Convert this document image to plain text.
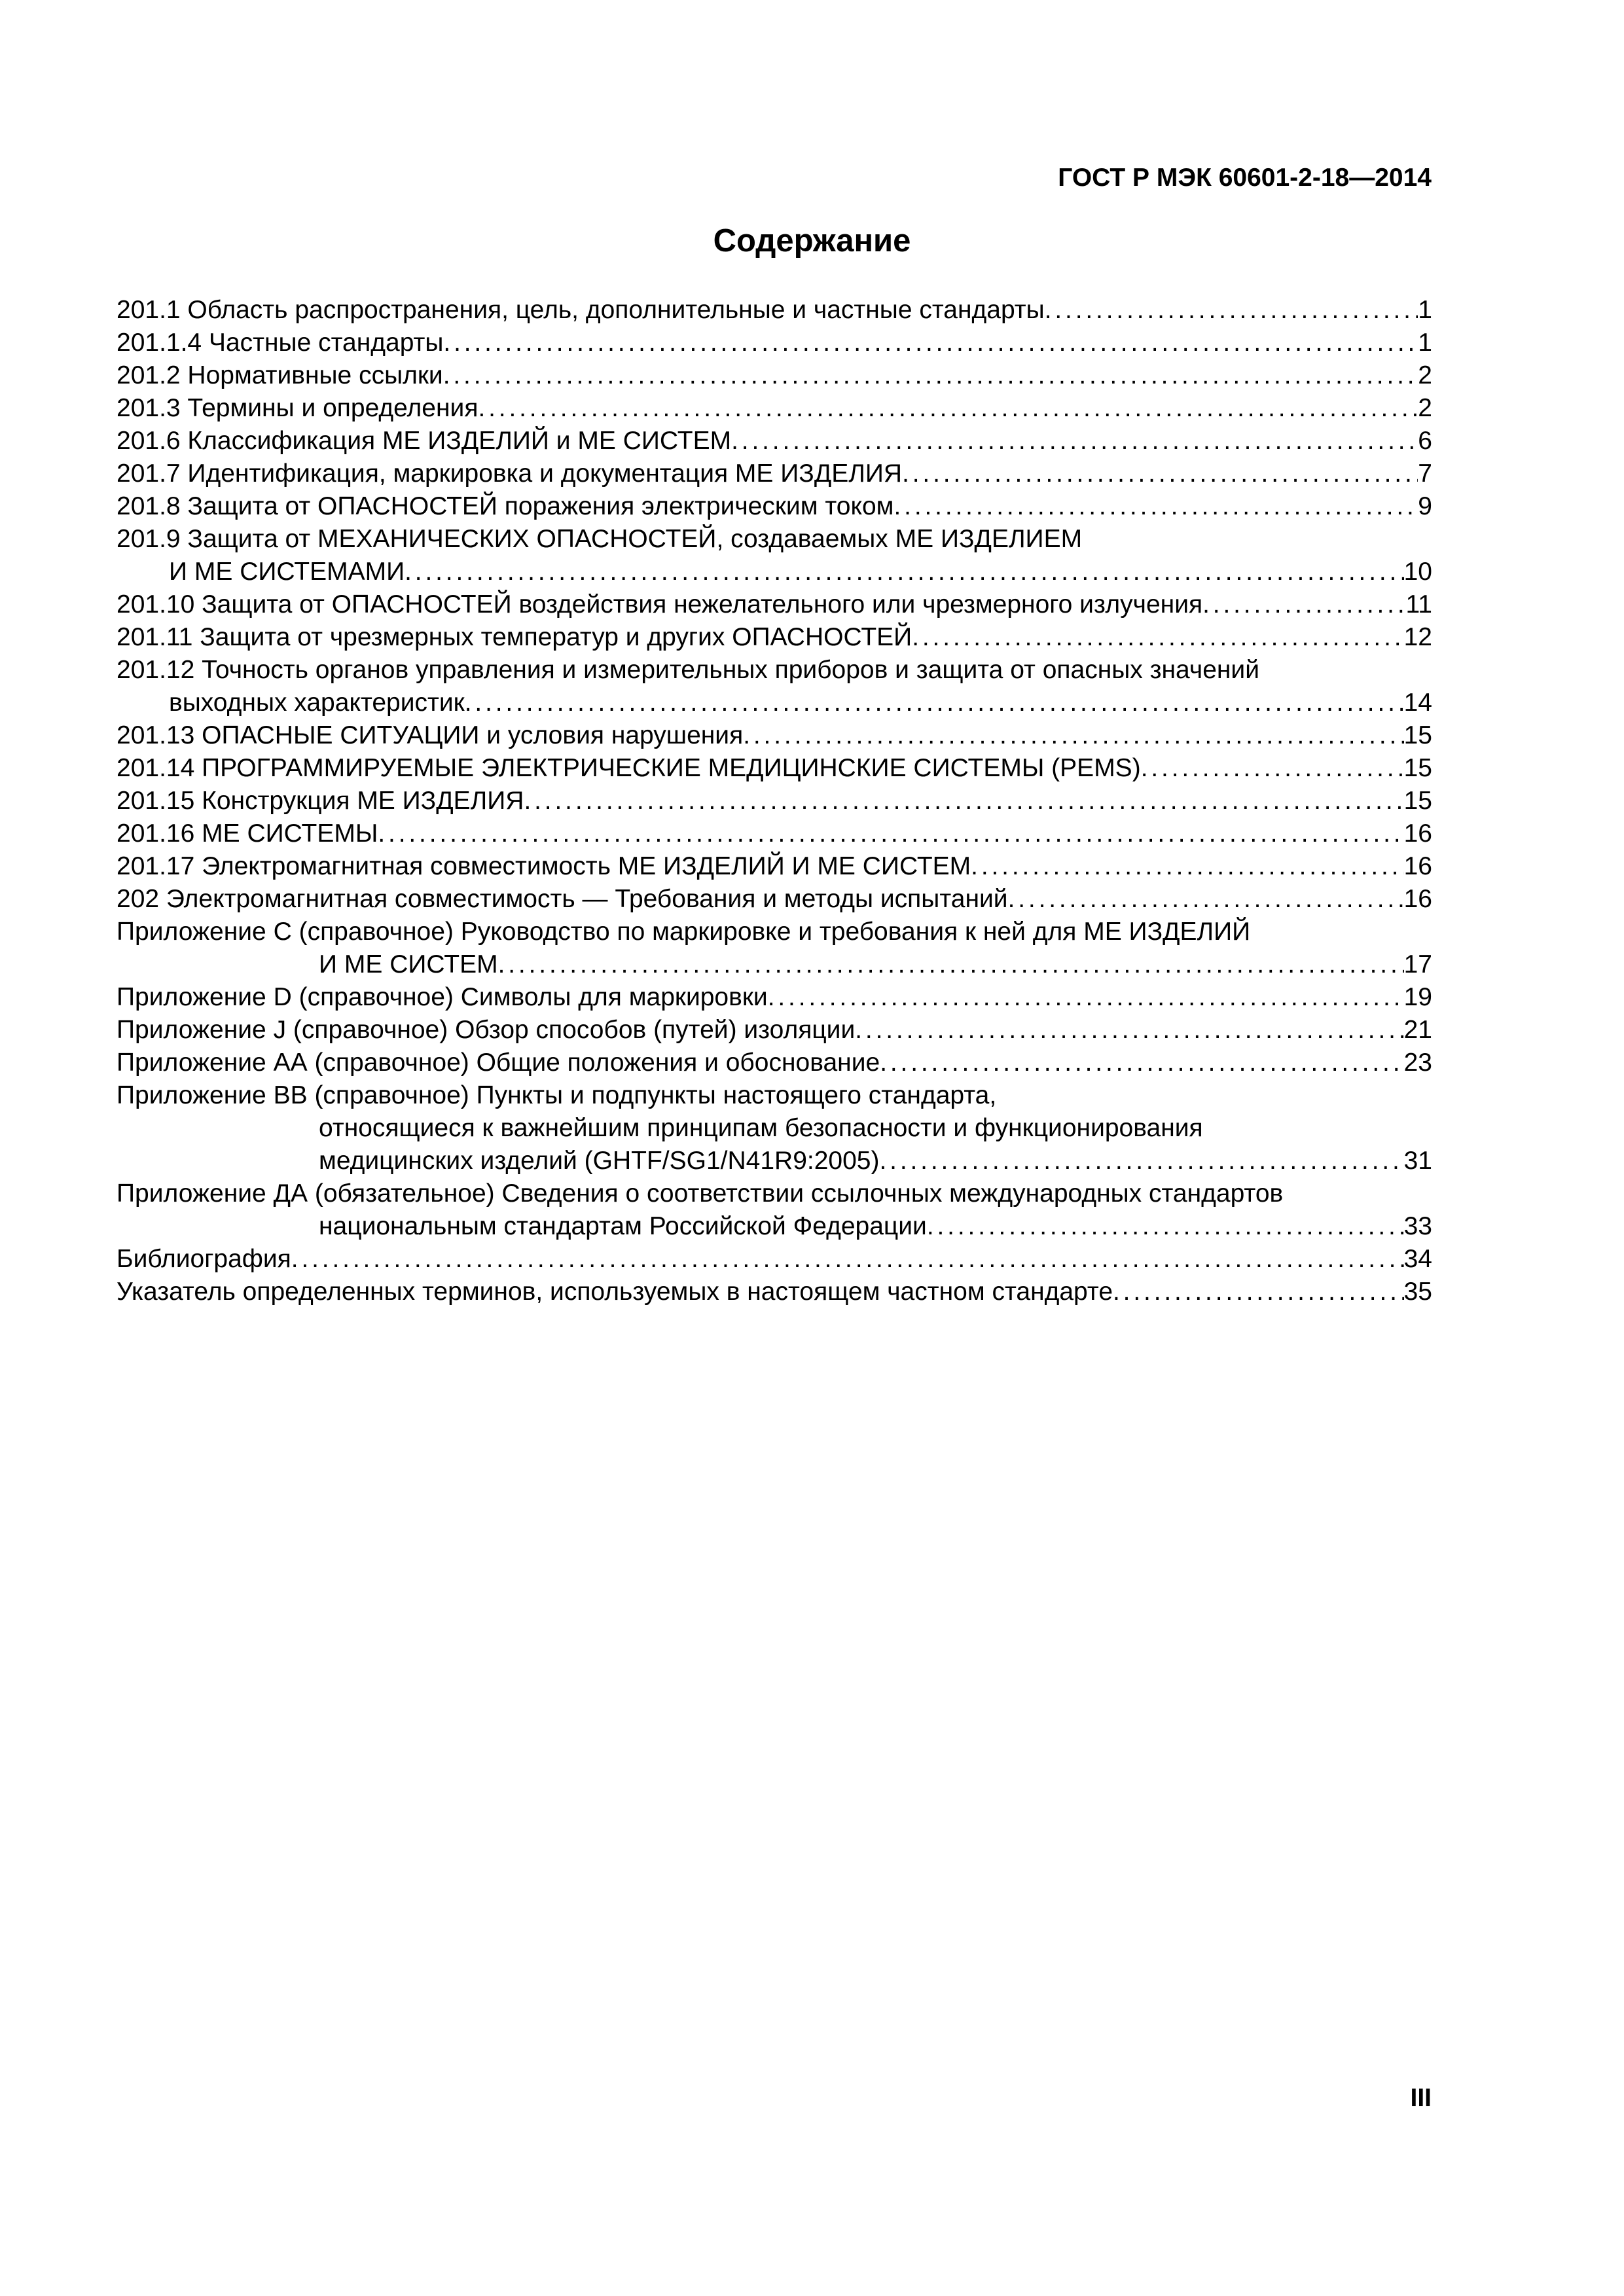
ГОСТ Р МЭК 60601-2-18—2014
Содержание
201.1 Область распространения, цель, дополнительные и частные стандарты . . .	1
201.1.4 Частные стандарты . . .	1
201.2 Нормативные ссылки . . .	2
201.3 Термины и определения . . .	2
201.6 Классификация МЕ ИЗДЕЛИЙ и МЕ СИСТЕМ . . .	6
201.7 Идентификация, маркировка и документация МЕ ИЗДЕЛИЯ . . .	7
201.8 Защита от ОПАСНОСТЕЙ поражения электрическим током . . .	9
201.9 Защита от МЕХАНИЧЕСКИХ ОПАСНОСТЕЙ, создаваемых МЕ ИЗДЕЛИЕМ
И МЕ СИСТЕМАМИ . . .	10
201.10 Защита от ОПАСНОСТЕЙ воздействия нежелательного или чрезмерного излучения . . .	11
201.11 Защита от чрезмерных температур и других ОПАСНОСТЕЙ . . .	12
201.12 Точность органов управления и измерительных приборов и защита от опасных значений
выходных характеристик . . .	14
201.13 ОПАСНЫЕ СИТУАЦИИ и условия нарушения . . .	15
201.14 ПРОГРАММИРУЕМЫЕ ЭЛЕКТРИЧЕСКИЕ МЕДИЦИНСКИЕ СИСТЕМЫ (PEMS) . . .	15
201.15 Конструкция МЕ ИЗДЕЛИЯ . . .	15
201.16 МЕ СИСТЕМЫ . . .	16
201.17 Электромагнитная совместимость МЕ ИЗДЕЛИЙ И МЕ СИСТЕМ . . .	16
202 Электромагнитная совместимость — Требования и методы испытаний . . .	16
Приложение С (справочное) Руководство по маркировке и требования к ней для МЕ ИЗДЕЛИЙ
И МЕ СИСТЕМ . . .	17
Приложение D (справочное) Символы для маркировки . . .	19
Приложение J (справочное) Обзор способов (путей) изоляции . . .	21
Приложение АА (справочное) Общие положения и обоснование . . .	23
Приложение ВВ (справочное) Пункты и подпункты настоящего стандарта,
относящиеся к важнейшим принципам безопасности и функционирования
медицинских изделий (GHTF/SG1/N41R9:2005) . . .	31
Приложение ДА (обязательное) Сведения о соответствии ссылочных международных стандартов
национальным стандартам Российской Федерации . . .	33
Библиография . . .	34
Указатель определенных терминов, используемых в настоящем частном стандарте . . .	35
III
